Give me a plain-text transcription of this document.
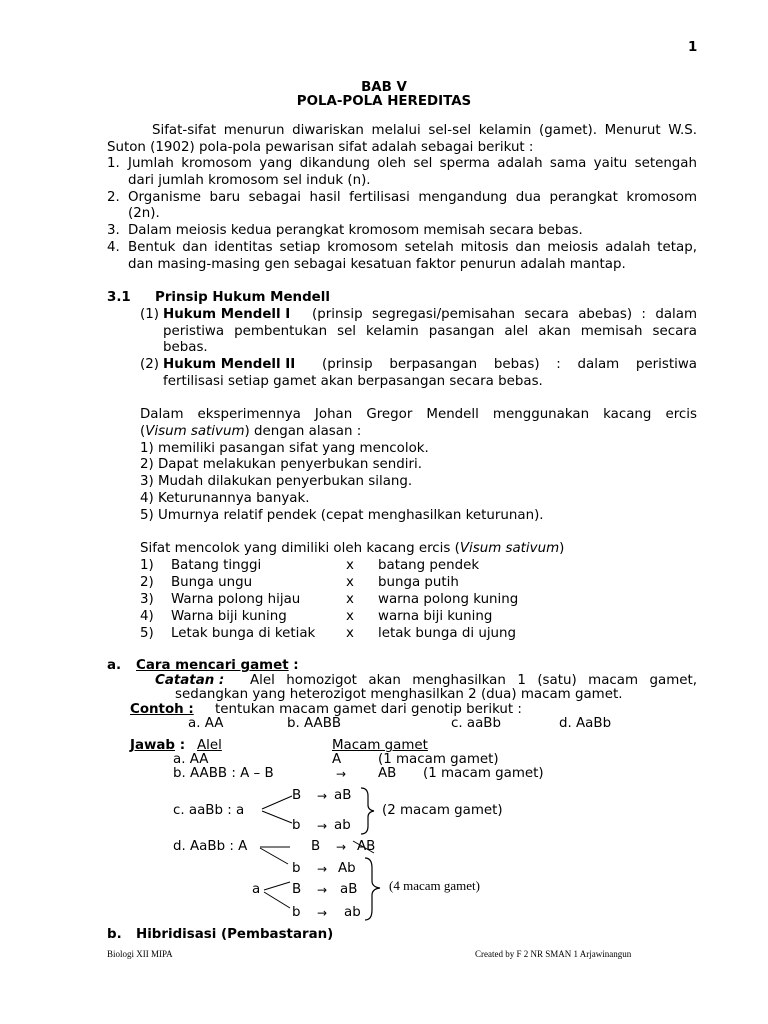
1
BAB V
POLA-POLA HEREDITAS
Sifat-sifat menurun diwariskan melalui sel-sel kelamin (gamet). Menurut W.S.
Suton (1902) pola-pola pewarisan sifat adalah sebagai berikut :
1. Jumlah kromosom yang dikandung oleh sel sperma adalah sama yaitu setengah
dari jumlah kromosom sel induk (n).
2. Organisme baru sebagai hasil fertilisasi mengandung dua perangkat kromosom
(2n).
3. Dalam meiosis kedua perangkat kromosom memisah secara bebas.
4. Bentuk dan identitas setiap kromosom setelah mitosis dan meiosis adalah tetap,
dan masing-masing gen sebagai kesatuan faktor penurun adalah mantap.
3.1 Prinsip Hukum Mendell
(1) Hukum Mendell I (prinsip segregasi/pemisahan secara abebas) : dalam
peristiwa pembentukan sel kelamin pasangan alel akan memisah secara
bebas.
(2) Hukum Mendell II (prinsip berpasangan bebas) : dalam peristiwa
fertilisasi setiap gamet akan berpasangan secara bebas.
Dalam eksperimennya Johan Gregor Mendell menggunakan kacang ercis
(Visum sativum) dengan alasan :
1) memiliki pasangan sifat yang mencolok.
2) Dapat melakukan penyerbukan sendiri.
3) Mudah dilakukan penyerbukan silang.
4) Keturunannya banyak.
5) Umurnya relatif pendek (cepat menghasilkan keturunan).
Sifat mencolok yang dimiliki oleh kacang ercis (Visum sativum)
1) Batang tinggi	x batang pendek
2) Bunga ungu	x bunga putih
3) Warna polong hijau	x warna polong kuning
4) Warna biji kuning	x warna biji kuning
5) Letak bunga di ketiak x letak bunga di ujung
a. Cara mencari gamet :
Catatan : Alel homozigot akan menghasilkan 1 (satu) macam gamet,
sedangkan yang heterozigot menghasilkan 2 (dua) macam gamet.
Contoh : tentukan macam gamet dari genotip berikut :
a. AA	b. AABB	c. aaBb	d. AaBb
Jawab : Alel	Macam gamet
a. AA	A	(1 macam gamet)
b. AABB : A – B	→ AB (1 macam gamet)
c. aaBb : a
B → aB
b → ab
(2 macam gamet)
d. AaBb : A	B → AB
b → Ab
a B → aB
b → ab
(4 macam gamet)
b. Hibridisasi (Pembastaran)
Biologi XII MIPA	Created by F 2 NR SMAN 1 Arjawinangun
